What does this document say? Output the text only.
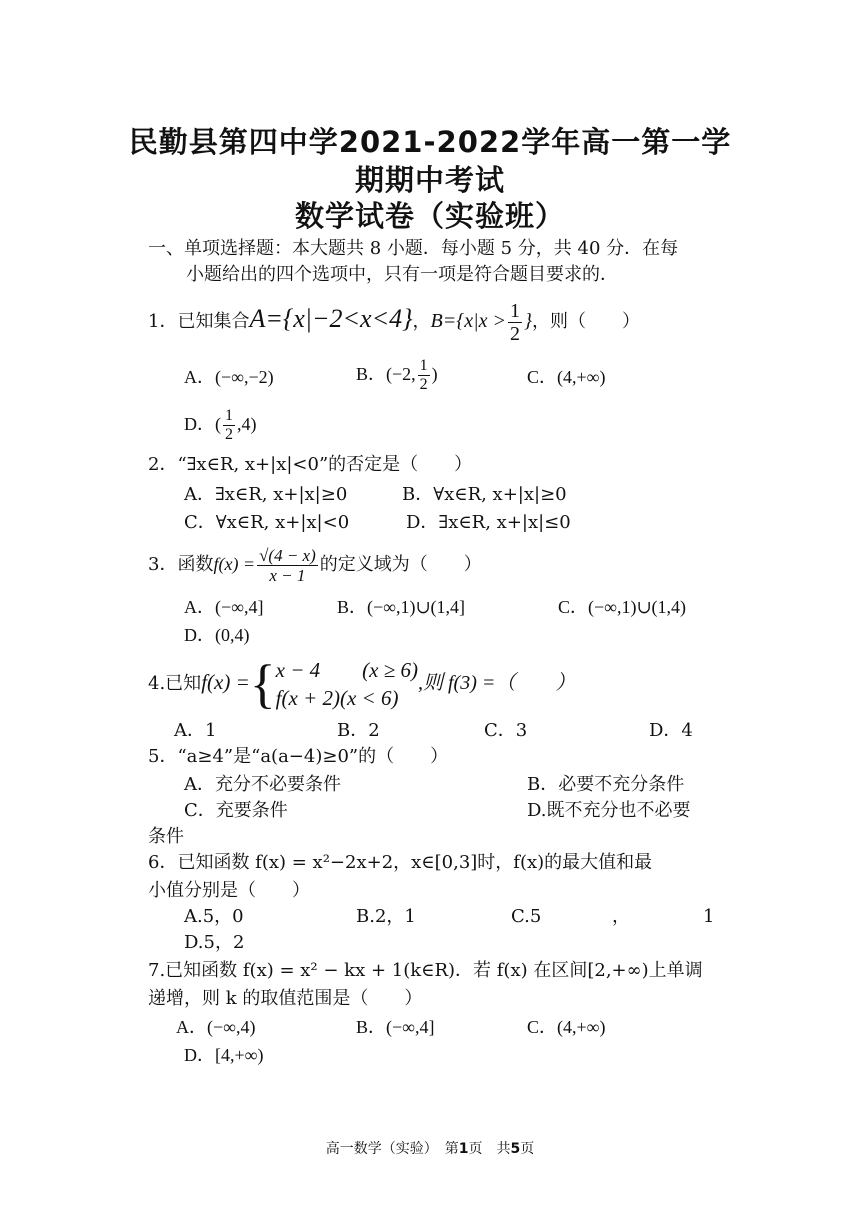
民勤县第四中学2021-2022学年高一第一学
期期中考试
数学试卷（实验班）
一、单项选择题：本大题共 8 小题．每小题 5 分，共 40 分．在每
小题给出的四个选项中，只有一项是符合题目要求的．
1．已知集合A={x|−2<x<4}，$B=\{x|x > \frac{1}{2}$ }，则（　　）
A．(−∞,−2)	B．(−2, $\frac{1}{2}$ )	C．(4,+∞)
D．( $\frac{1}{2} ,4$)
2．“∃x∈R, x+|x|<0”的否定是（　　）
A．∃x∈R, x+|x|≥0	B．∀x∈R, x+|x|≥0
C．∀x∈R, x+|x|<0	D．∃x∈R, x+|x|≤0
3．函数$f(x) = \frac{√(4 - x)}{x - 1}$ 的定义域为（　　）
A．(−∞,4]	B．(−∞,1)∪(1,4]	C．(−∞,1)∪(1,4)
D．(0,4)
4.已知f(x) ={ x − 4　　(x ≥ 6)
f(x + 2)(x < 6)
,则 f(3) =（　　）
A．1	B．2	C．3	D．4
5．“a≥4”是“a(a−4)≥0”的（　　）
A．充分不必要条件	B．必要不充分条件
C．充要条件	D.既不充分也不必要
条件
6．已知函数 f(x) = x²−2x+2，x∈[0,3]时，f(x)的最大值和最
小值分别是（　　）
A.5，0	B.2，1	C.5	，	1
D.5，2
7.已知函数 f(x) = x² − kx + 1(k∈R)．若 f(x) 在区间[2,+∞)上单调
递增，则 k 的取值范围是（　　）
A．(−∞,4)	B．(−∞,4]	C．(4,+∞)
D．[4,+∞)
高一数学（实验）　第1页　共5页
